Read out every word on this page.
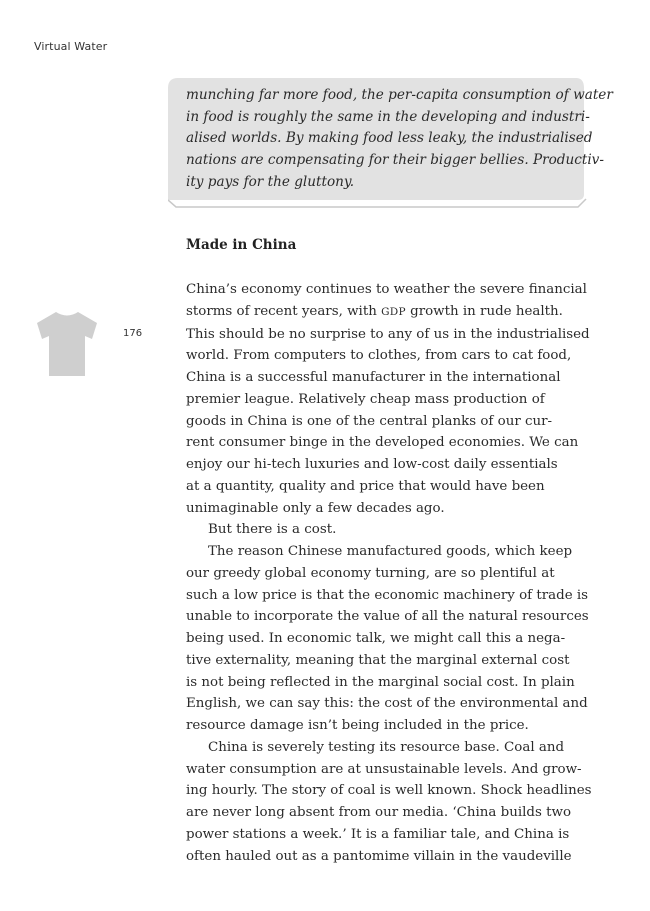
Virtual Water
munching far more food, the per-capita consumption of water
in food is roughly the same in the developing and industri-
alised worlds. By making food less leaky, the industrialised
nations are compensating for their bigger bellies. Productiv-
ity pays for the gluttony.
Made in China
176
China’s economy continues to weather the severe financial
storms of recent years, with GDP growth in rude health.
This should be no surprise to any of us in the industrialised
world. From computers to clothes, from cars to cat food,
China is a successful manufacturer in the international
premier league. Relatively cheap mass production of
goods in China is one of the central planks of our cur-
rent consumer binge in the developed economies. We can
enjoy our hi-tech luxuries and low-cost daily essentials
at a quantity, quality and price that would have been
unimaginable only a few decades ago.
But there is a cost.
The reason Chinese manufactured goods, which keep
our greedy global economy turning, are so plentiful at
such a low price is that the economic machinery of trade is
unable to incorporate the value of all the natural resources
being used. In economic talk, we might call this a nega-
tive externality, meaning that the marginal external cost
is not being reflected in the marginal social cost. In plain
English, we can say this: the cost of the environmental and
resource damage isn’t being included in the price.
China is severely testing its resource base. Coal and
water consumption are at unsustainable levels. And grow-
ing hourly. The story of coal is well known. Shock headlines
are never long absent from our media. ‘China builds two
power stations a week.’ It is a familiar tale, and China is
often hauled out as a pantomime villain in the vaudeville
